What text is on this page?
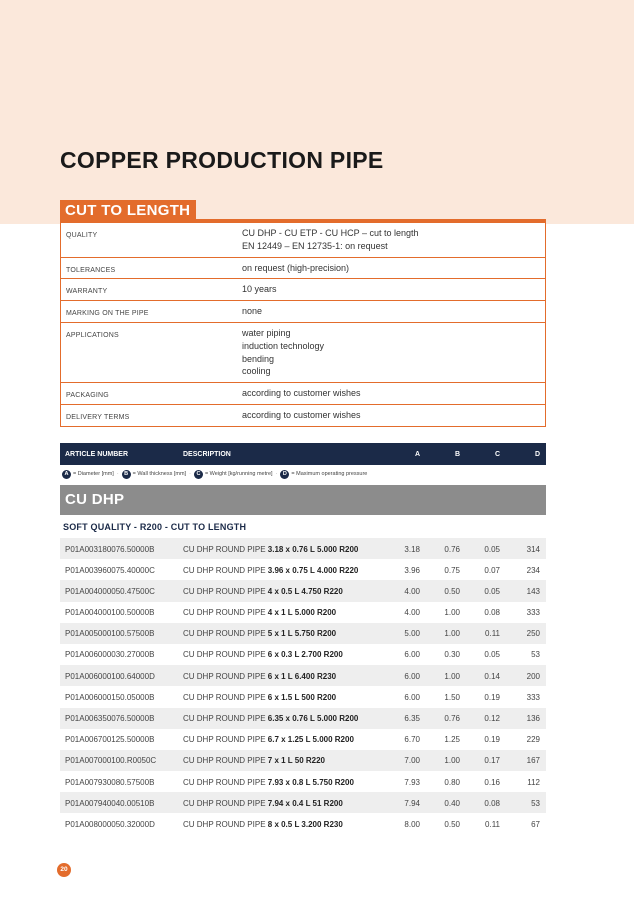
COPPER PRODUCTION PIPE
CUT TO LENGTH
QUALITY	CU DHP - CU ETP - CU HCP – cut to length
EN 12449 – EN 12735-1: on request
TOLERANCES	on request (high-precision)
WARRANTY	10 years
MARKING ON THE PIPE	none
APPLICATIONS	water piping
induction technology
bending
cooling
PACKAGING	according to customer wishes
DELIVERY TERMS	according to customer wishes
ARTICLE NUMBER	DESCRIPTION	A	B	C	D
A = Diameter [mm] ·	B = Wall thickness [mm] ·	C = Weight [kg/running metre] ·	D = Maximum operating pressure
CU DHP
SOFT QUALITY - R200 - CUT TO LENGTH
P01A003180076.50000B	CU DHP ROUND PIPE 3.18 x 0.76 L 5.000 R200	3.18	0.76	0.05	314
P01A003960075.40000C	CU DHP ROUND PIPE 3.96 x 0.75 L 4.000 R220	3.96	0.75	0.07	234
P01A004000050.47500C	CU DHP ROUND PIPE 4 x 0.5 L 4.750 R220	4.00	0.50	0.05	143
P01A004000100.50000B	CU DHP ROUND PIPE 4 x 1 L 5.000 R200	4.00	1.00	0.08	333
P01A005000100.57500B	CU DHP ROUND PIPE 5 x 1 L 5.750 R200	5.00	1.00	0.11	250
P01A006000030.27000B	CU DHP ROUND PIPE 6 x 0.3 L 2.700 R200	6.00	0.30	0.05	53
P01A006000100.64000D	CU DHP ROUND PIPE 6 x 1 L 6.400 R230	6.00	1.00	0.14	200
P01A006000150.05000B	CU DHP ROUND PIPE 6 x 1.5 L 500 R200	6.00	1.50	0.19	333
P01A006350076.50000B	CU DHP ROUND PIPE 6.35 x 0.76 L 5.000 R200	6.35	0.76	0.12	136
P01A006700125.50000B	CU DHP ROUND PIPE 6.7 x 1.25 L 5.000 R200	6.70	1.25	0.19	229
P01A007000100.R0050C	CU DHP ROUND PIPE 7 x 1 L 50 R220	7.00	1.00	0.17	167
P01A007930080.57500B	CU DHP ROUND PIPE 7.93 x 0.8 L 5.750 R200	7.93	0.80	0.16	112
P01A007940040.00510B	CU DHP ROUND PIPE 7.94 x 0.4 L 51 R200	7.94	0.40	0.08	53
P01A008000050.32000D	CU DHP ROUND PIPE 8 x 0.5 L 3.200 R230	8.00	0.50	0.11	67
20
